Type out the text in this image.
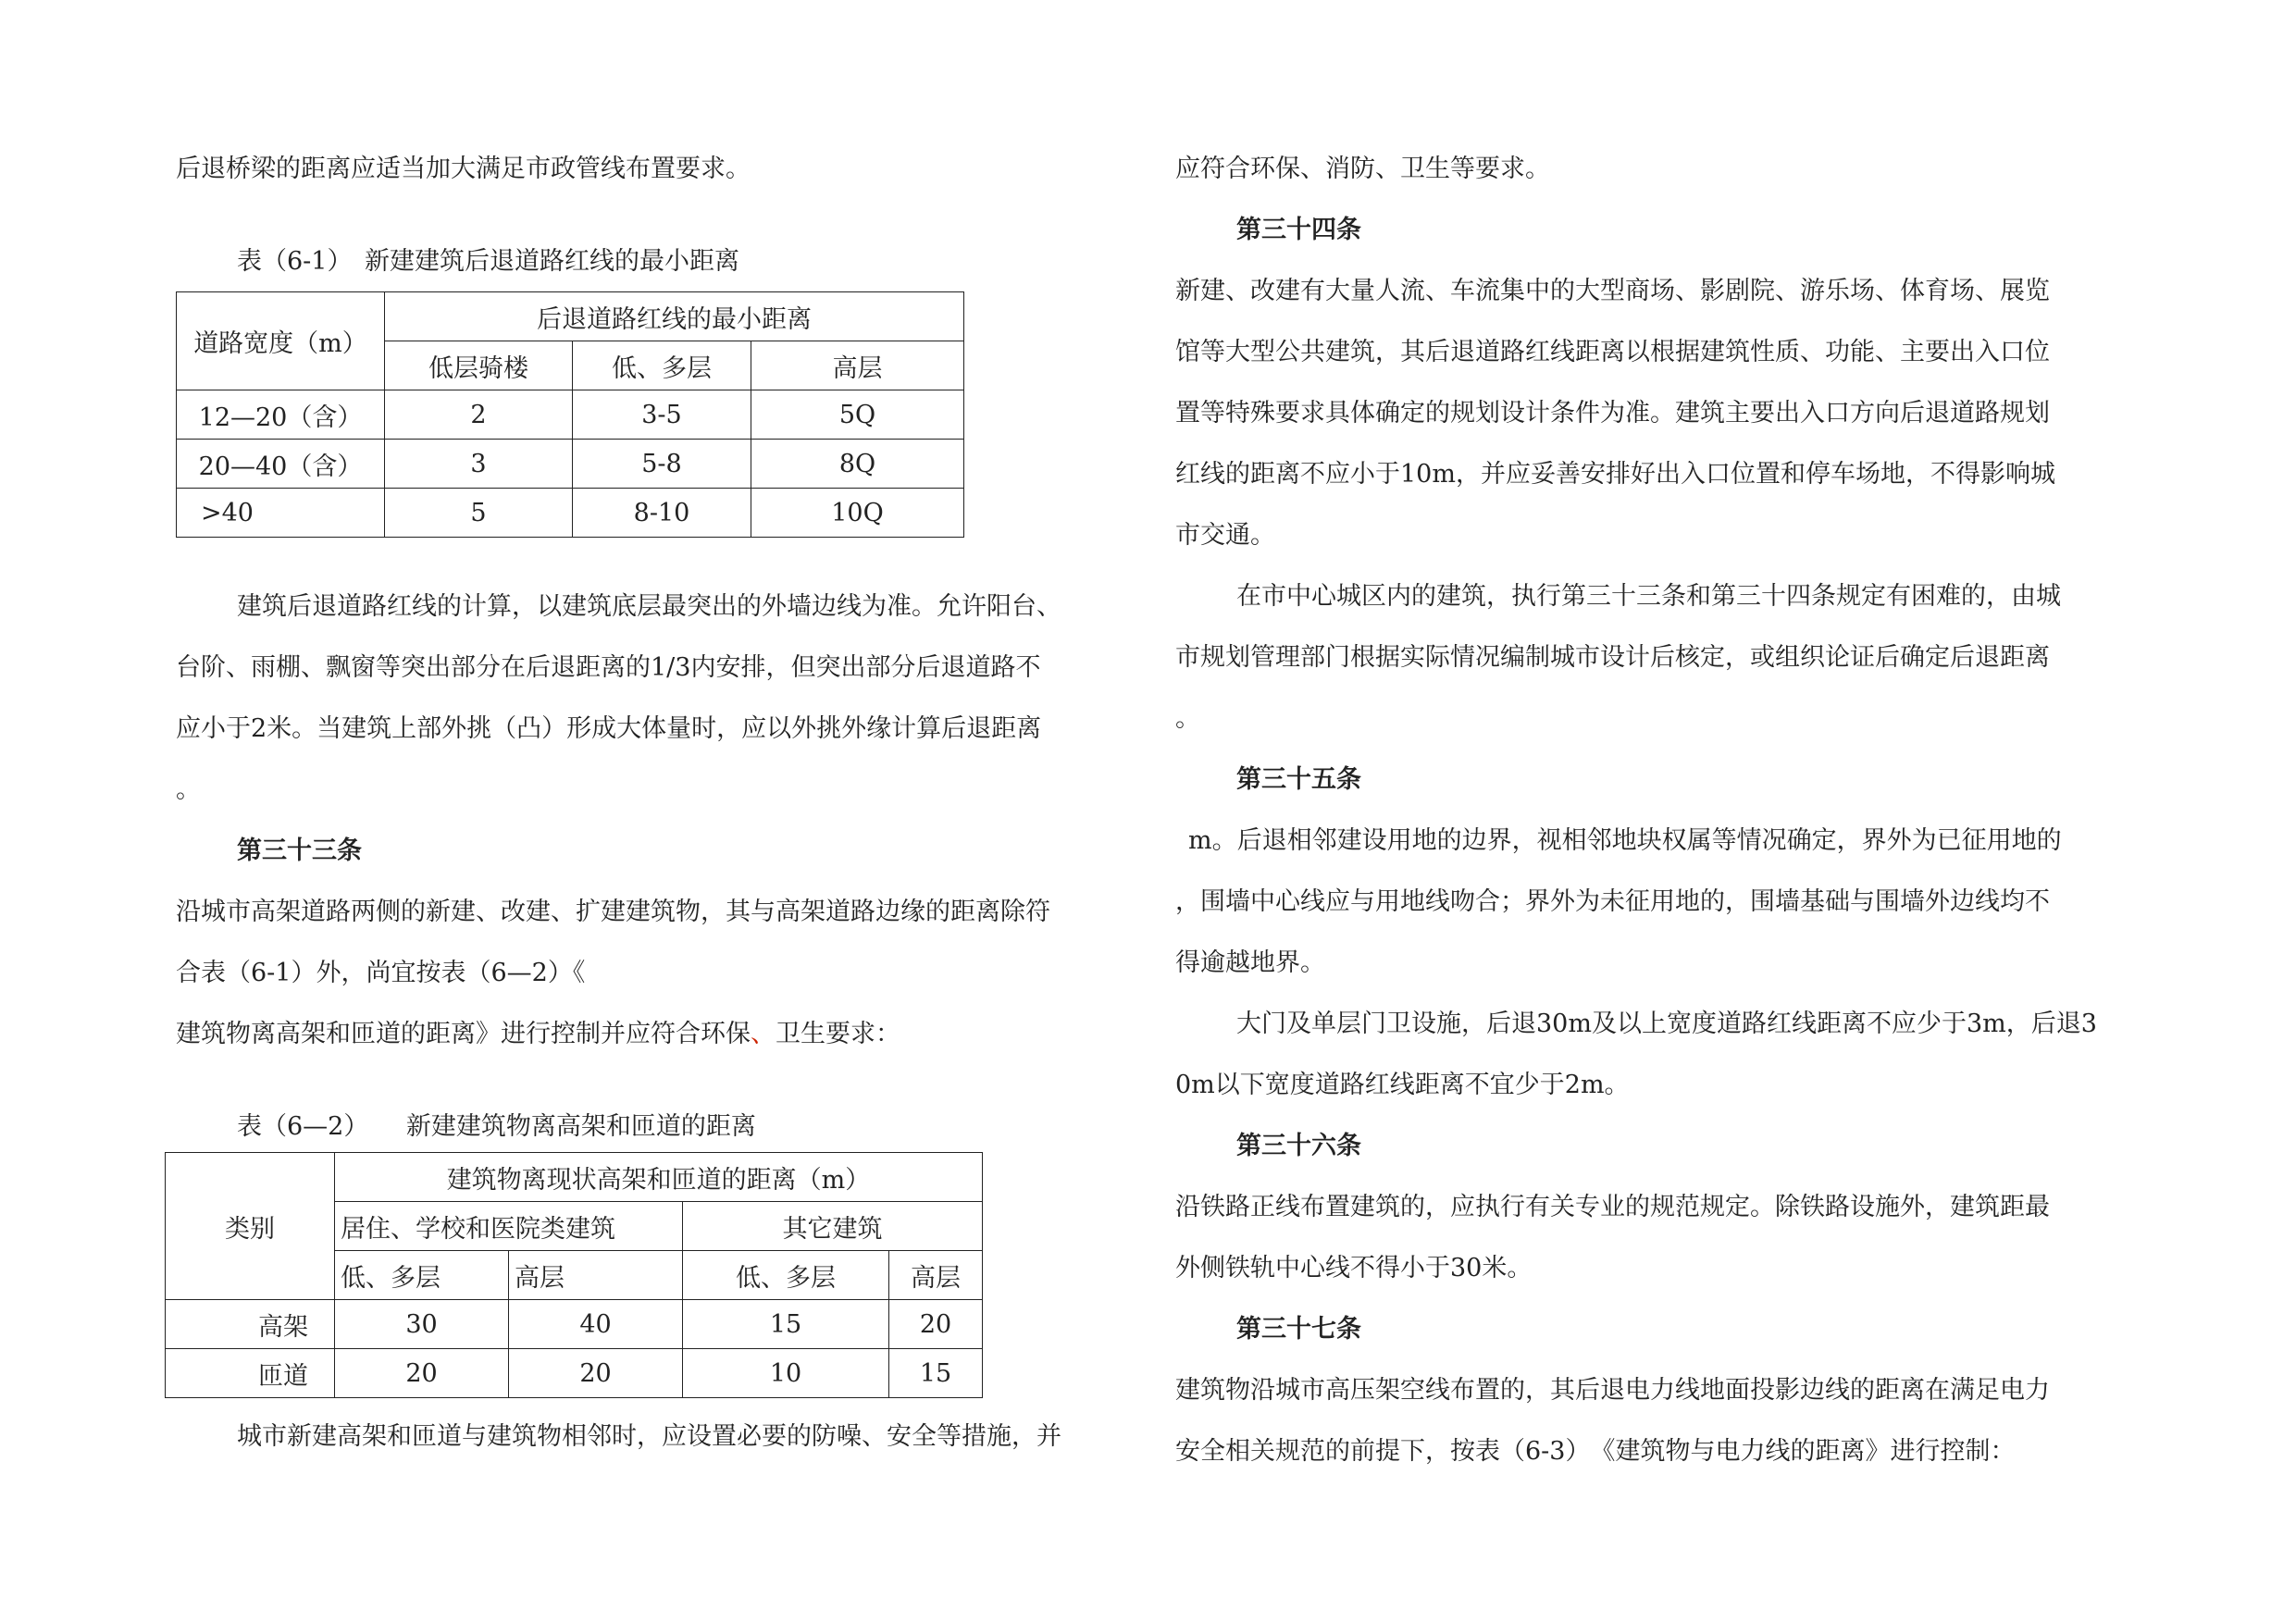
后退桥梁的距离应适当加大满足市政管线布置要求。
表（6-1）　新建建筑后退道路红线的最小距离
道路宽度（m）	后退道路红线的最小距离		
	低层骑楼	低、多层	高层
12—20（含）	2	3-5	5Q
20—40（含）	3	5-8	8Q
>40	5	8-10	10Q
建筑后退道路红线的计算，以建筑底层最突出的外墙边线为准。允许阳台、
台阶、雨棚、飘窗等突出部分在后退距离的1/3内安排，但突出部分后退道路不
应小于2米。当建筑上部外挑（凸）形成大体量时，应以外挑外缘计算后退距离
。
第三十三条
沿城市高架道路两侧的新建、改建、扩建建筑物，其与高架道路边缘的距离除符
合表（6-1）外，尚宜按表（6—2）《
建筑物离高架和匝道的距离》进行控制并应符合环保、卫生要求：
表（6—2）　　新建建筑物离高架和匝道的距离
类别	建筑物离现状高架和匝道的距离（m）			
	居住、学校和医院类建筑		其它建筑	
	低、多层	高层	低、多层	高层
高架	30	40	15	20
匝道	20	20	10	15
城市新建高架和匝道与建筑物相邻时，应设置必要的防噪、安全等措施，并
应符合环保、消防、卫生等要求。
第三十四条
新建、改建有大量人流、车流集中的大型商场、影剧院、游乐场、体育场、展览
馆等大型公共建筑，其后退道路红线距离以根据建筑性质、功能、主要出入口位
置等特殊要求具体确定的规划设计条件为准。建筑主要出入口方向后退道路规划
红线的距离不应小于10m，并应妥善安排好出入口位置和停车场地，不得影响城
市交通。
在市中心城区内的建筑，执行第三十三条和第三十四条规定有困难的，由城
市规划管理部门根据实际情况编制城市设计后核定，或组织论证后确定后退距离
。
第三十五条
m。后退相邻建设用地的边界，视相邻地块权属等情况确定，界外为已征用地的
，围墙中心线应与用地线吻合；界外为未征用地的，围墙基础与围墙外边线均不
得逾越地界。
大门及单层门卫设施，后退30m及以上宽度道路红线距离不应少于3m，后退3
0m以下宽度道路红线距离不宜少于2m。
第三十六条
沿铁路正线布置建筑的，应执行有关专业的规范规定。除铁路设施外，建筑距最
外侧铁轨中心线不得小于30米。
第三十七条
建筑物沿城市高压架空线布置的，其后退电力线地面投影边线的距离在满足电力
安全相关规范的前提下，按表（6-3）　《建筑物与电力线的距离》进行控制：
